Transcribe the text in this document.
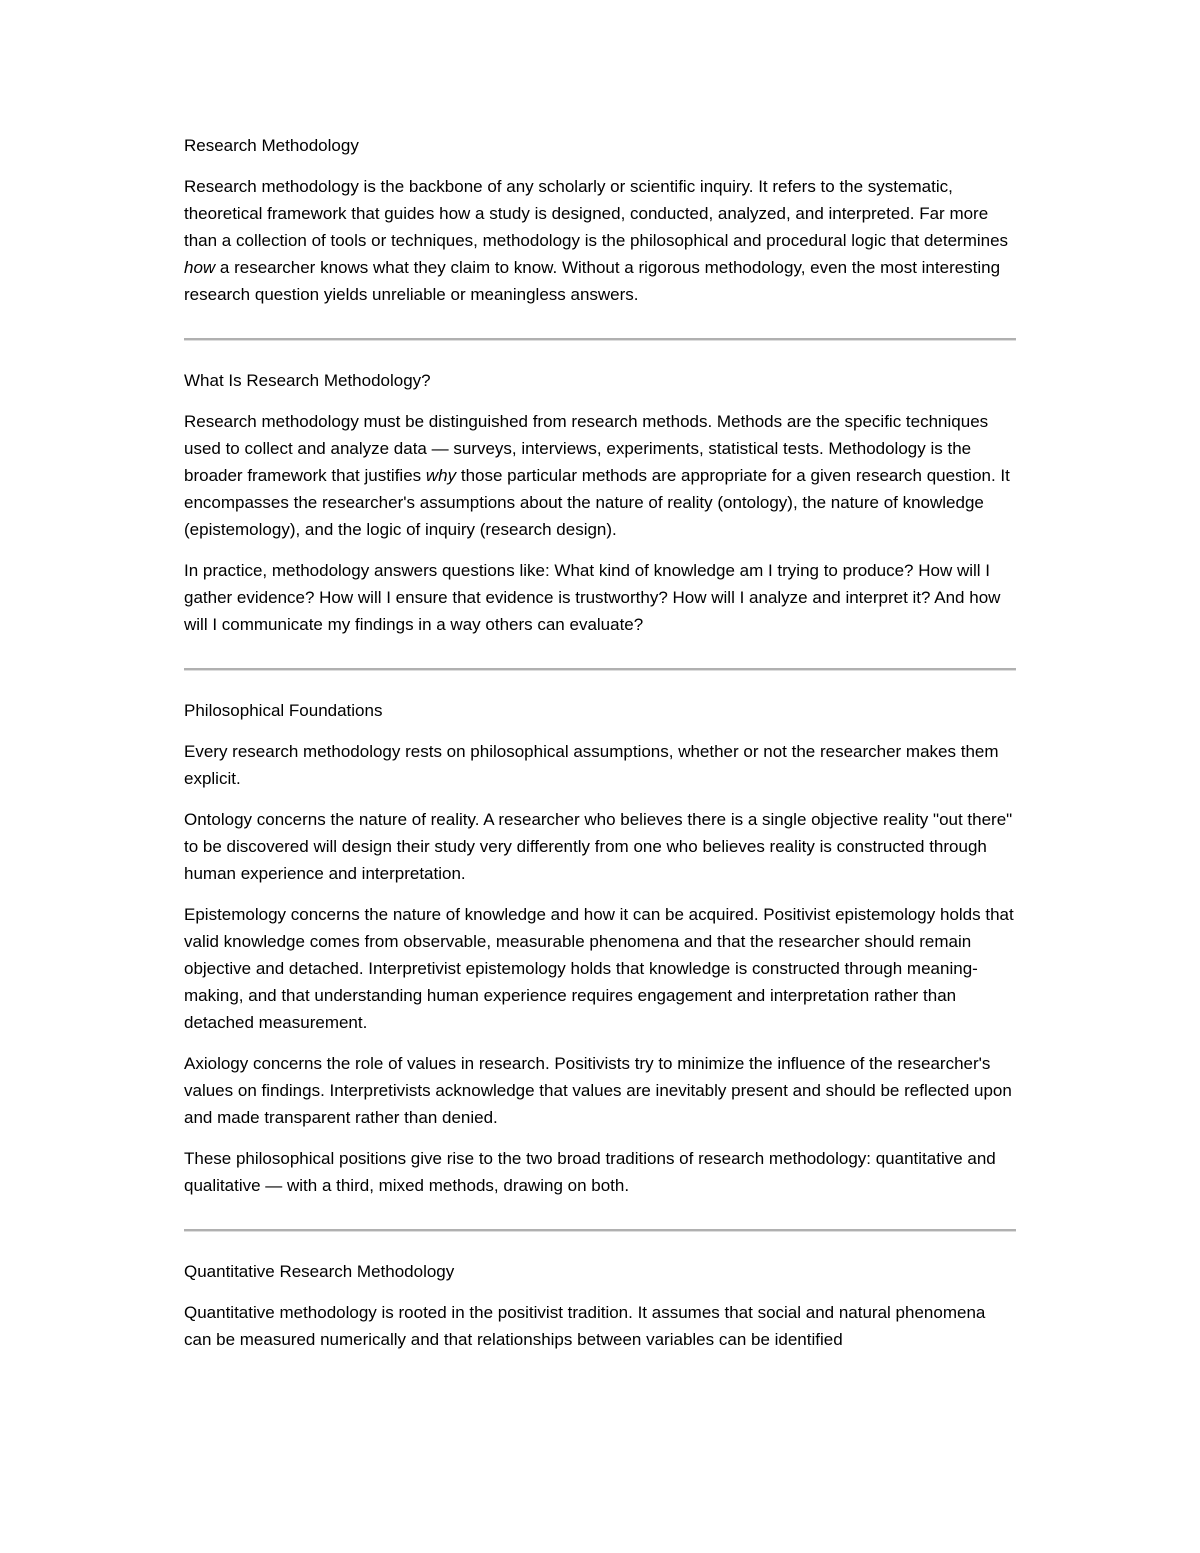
Research Methodology

Research methodology is the backbone of any scholarly or scientific inquiry. It refers to the systematic, theoretical framework that guides how a study is designed, conducted, analyzed, and interpreted. Far more than a collection of tools or techniques, methodology is the philosophical and procedural logic that determines how a researcher knows what they claim to know. Without a rigorous methodology, even the most interesting research question yields unreliable or meaningless answers.

What Is Research Methodology?

Research methodology must be distinguished from research methods. Methods are the specific techniques used to collect and analyze data — surveys, interviews, experiments, statistical tests. Methodology is the broader framework that justifies why those particular methods are appropriate for a given research question. It encompasses the researcher's assumptions about the nature of reality (ontology), the nature of knowledge (epistemology), and the logic of inquiry (research design).

In practice, methodology answers questions like: What kind of knowledge am I trying to produce? How will I gather evidence? How will I ensure that evidence is trustworthy? How will I analyze and interpret it? And how will I communicate my findings in a way others can evaluate?

Philosophical Foundations

Every research methodology rests on philosophical assumptions, whether or not the researcher makes them explicit.

Ontology concerns the nature of reality. A researcher who believes there is a single objective reality "out there" to be discovered will design their study very differently from one who believes reality is constructed through human experience and interpretation.

Epistemology concerns the nature of knowledge and how it can be acquired. Positivist epistemology holds that valid knowledge comes from observable, measurable phenomena and that the researcher should remain objective and detached. Interpretivist epistemology holds that knowledge is constructed through meaning-making, and that understanding human experience requires engagement and interpretation rather than detached measurement.

Axiology concerns the role of values in research. Positivists try to minimize the influence of the researcher's values on findings. Interpretivists acknowledge that values are inevitably present and should be reflected upon and made transparent rather than denied.

These philosophical positions give rise to the two broad traditions of research methodology: quantitative and qualitative — with a third, mixed methods, drawing on both.

Quantitative Research Methodology

Quantitative methodology is rooted in the positivist tradition. It assumes that social and natural phenomena can be measured numerically and that relationships between variables can be identified
